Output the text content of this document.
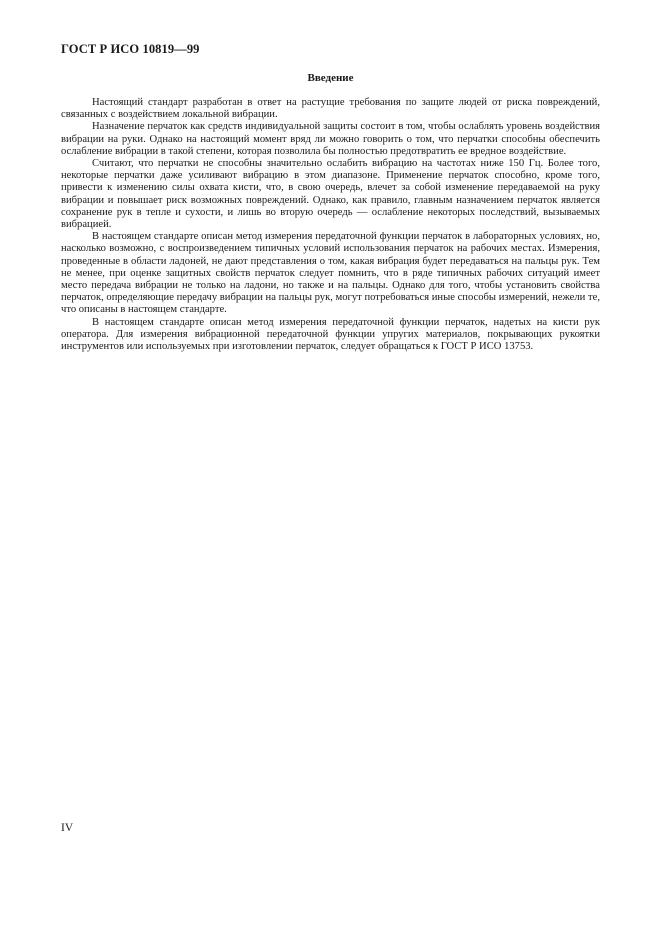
ГОСТ Р ИСО 10819—99
Введение

Настоящий стандарт разработан в ответ на растущие требования по защите людей от риска повреждений, связанных с воздействием локальной вибрации.

Назначение перчаток как средств индивидуальной защиты состоит в том, чтобы ослаблять уровень воздействия вибрации на руки. Однако на настоящий момент вряд ли можно говорить о том, что перчатки способны обеспечить ослабление вибрации в такой степени, которая позволила бы полностью предотвратить ее вредное воздействие.

Считают, что перчатки не способны значительно ослабить вибрацию на частотах ниже 150 Гц. Более того, некоторые перчатки даже усиливают вибрацию в этом диапазоне. Применение перчаток способно, кроме того, привести к изменению силы охвата кисти, что, в свою очередь, влечет за собой изменение передаваемой на руку вибрации и повышает риск возможных повреждений. Однако, как правило, главным назначением перчаток является сохранение рук в тепле и сухости, и лишь во вторую очередь — ослабление некоторых последствий, вызываемых вибрацией.

В настоящем стандарте описан метод измерения передаточной функции перчаток в лабораторных условиях, но, насколько возможно, с воспроизведением типичных условий использования перчаток на рабочих местах. Измерения, проведенные в области ладоней, не дают представления о том, какая вибрация будет передаваться на пальцы рук. Тем не менее, при оценке защитных свойств перчаток следует помнить, что в ряде типичных рабочих ситуаций имеет место передача вибрации не только на ладони, но также и на пальцы. Однако для того, чтобы установить свойства перчаток, определяющие передачу вибрации на пальцы рук, могут потребоваться иные способы измерений, нежели те, что описаны в настоящем стандарте.

В настоящем стандарте описан метод измерения передаточной функции перчаток, надетых на кисти рук оператора. Для измерения вибрационной передаточной функции упругих материалов, покрывающих рукоятки инструментов или используемых при изготовлении перчаток, следует обращаться к ГОСТ Р ИСО 13753.

IV
